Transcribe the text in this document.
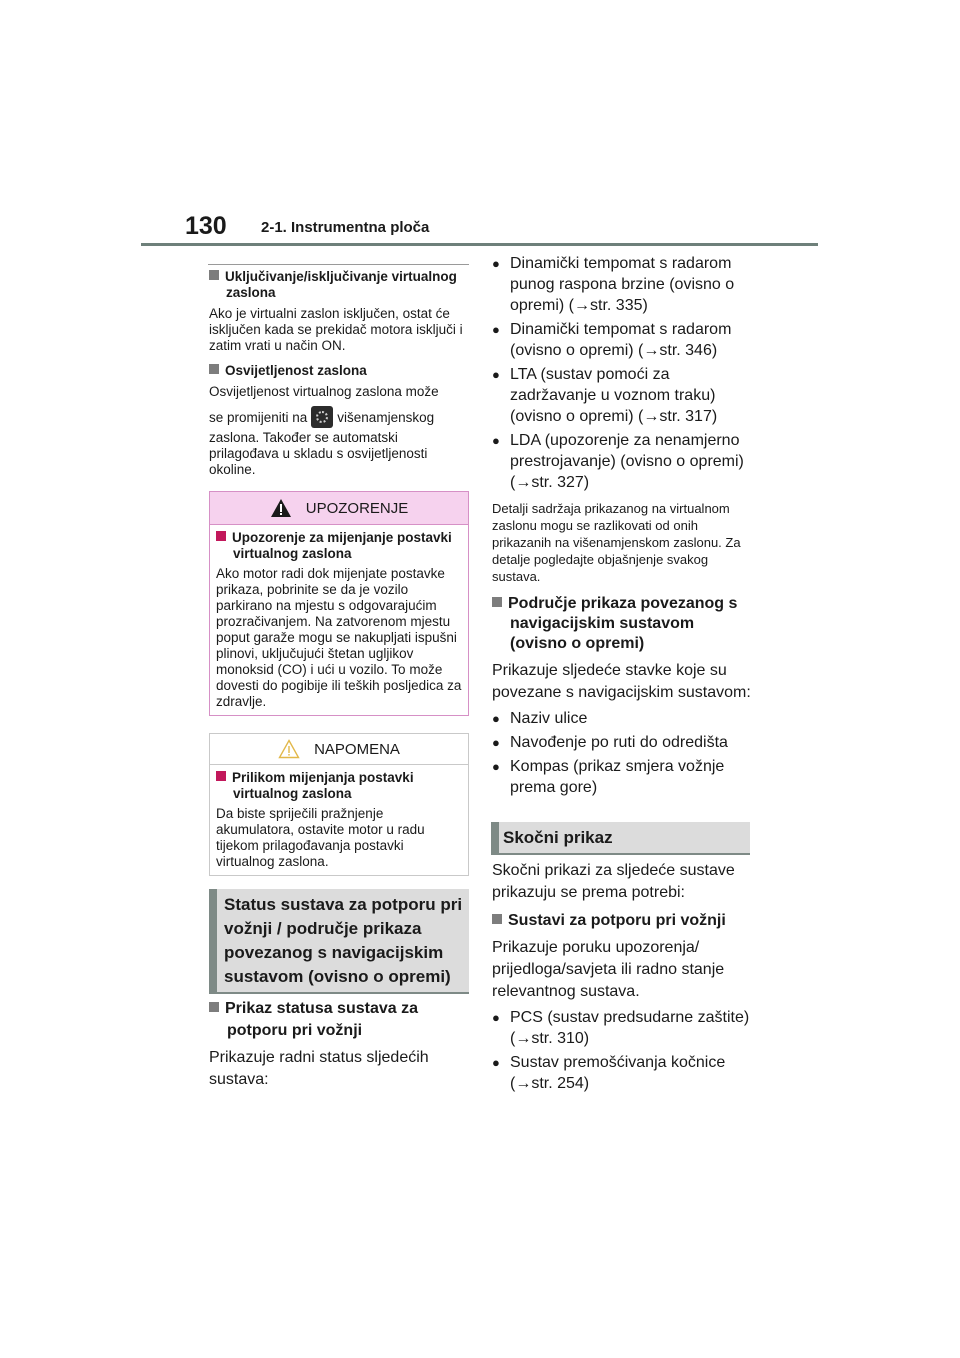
130 2-1. Instrumentna ploča
Uključivanje/isključivanje virtualnog zaslona
Ako je virtualni zaslon isključen, ostat će isključen kada se prekidač motora isključi i zatim vrati u način ON.
Osvijetljenost zaslona
Osvijetljenost virtualnog zaslona može
se promijeniti na višenamjenskog
zaslona. Također se automatski prilagođava u skladu s osvijetljenosti okoline.
UPOZORENJE
Upozorenje za mijenjanje postavki virtualnog zaslona
Ako motor radi dok mijenjate postavke prikaza, pobrinite se da je vozilo parkirano na mjestu s odgovarajućim prozračivanjem. Na zatvorenom mjestu poput garaže mogu se nakupljati ispušni plinovi, uključujući štetan ugljikov monoksid (CO) i ući u vozilo. To može dovesti do pogibije ili teških posljedica za zdravlje.
NAPOMENA
Prilikom mijenjanja postavki virtualnog zaslona
Da biste spriječili pražnjenje akumulatora, ostavite motor u radu tijekom prilagođavanja postavki virtualnog zaslona.
Status sustava za potporu pri vožnji / područje prikaza povezanog s navigacijskim sustavom (ovisno o opremi)
Prikaz statusa sustava za potporu pri vožnji
Prikazuje radni status sljedećih sustava:
● Dinamički tempomat s radarom punog raspona brzine (ovisno o opremi) (→str. 335)
● Dinamički tempomat s radarom (ovisno o opremi) (→str. 346)
● LTA (sustav pomoći za zadržavanje u voznom traku) (ovisno o opremi) (→str. 317)
● LDA (upozorenje za nenamjerno prestrojavanje) (ovisno o opremi) (→str. 327)
Detalji sadržaja prikazanog na virtualnom zaslonu mogu se razlikovati od onih prikazanih na višenamjenskom zaslonu. Za detalje pogledajte objašnjenje svakog sustava.
Područje prikaza povezanog s navigacijskim sustavom (ovisno o opremi)
Prikazuje sljedeće stavke koje su povezane s navigacijskim sustavom:
● Naziv ulice
● Navođenje po ruti do odredišta
● Kompas (prikaz smjera vožnje prema gore)
Skočni prikaz
Skočni prikazi za sljedeće sustave prikazuju se prema potrebi:
Sustavi za potporu pri vožnji
Prikazuje poruku upozorenja/ prijedloga/savjeta ili radno stanje relevantnog sustava.
● PCS (sustav predsudarne zaštite) (→str. 310)
● Sustav premošćivanja kočnice (→str. 254)
